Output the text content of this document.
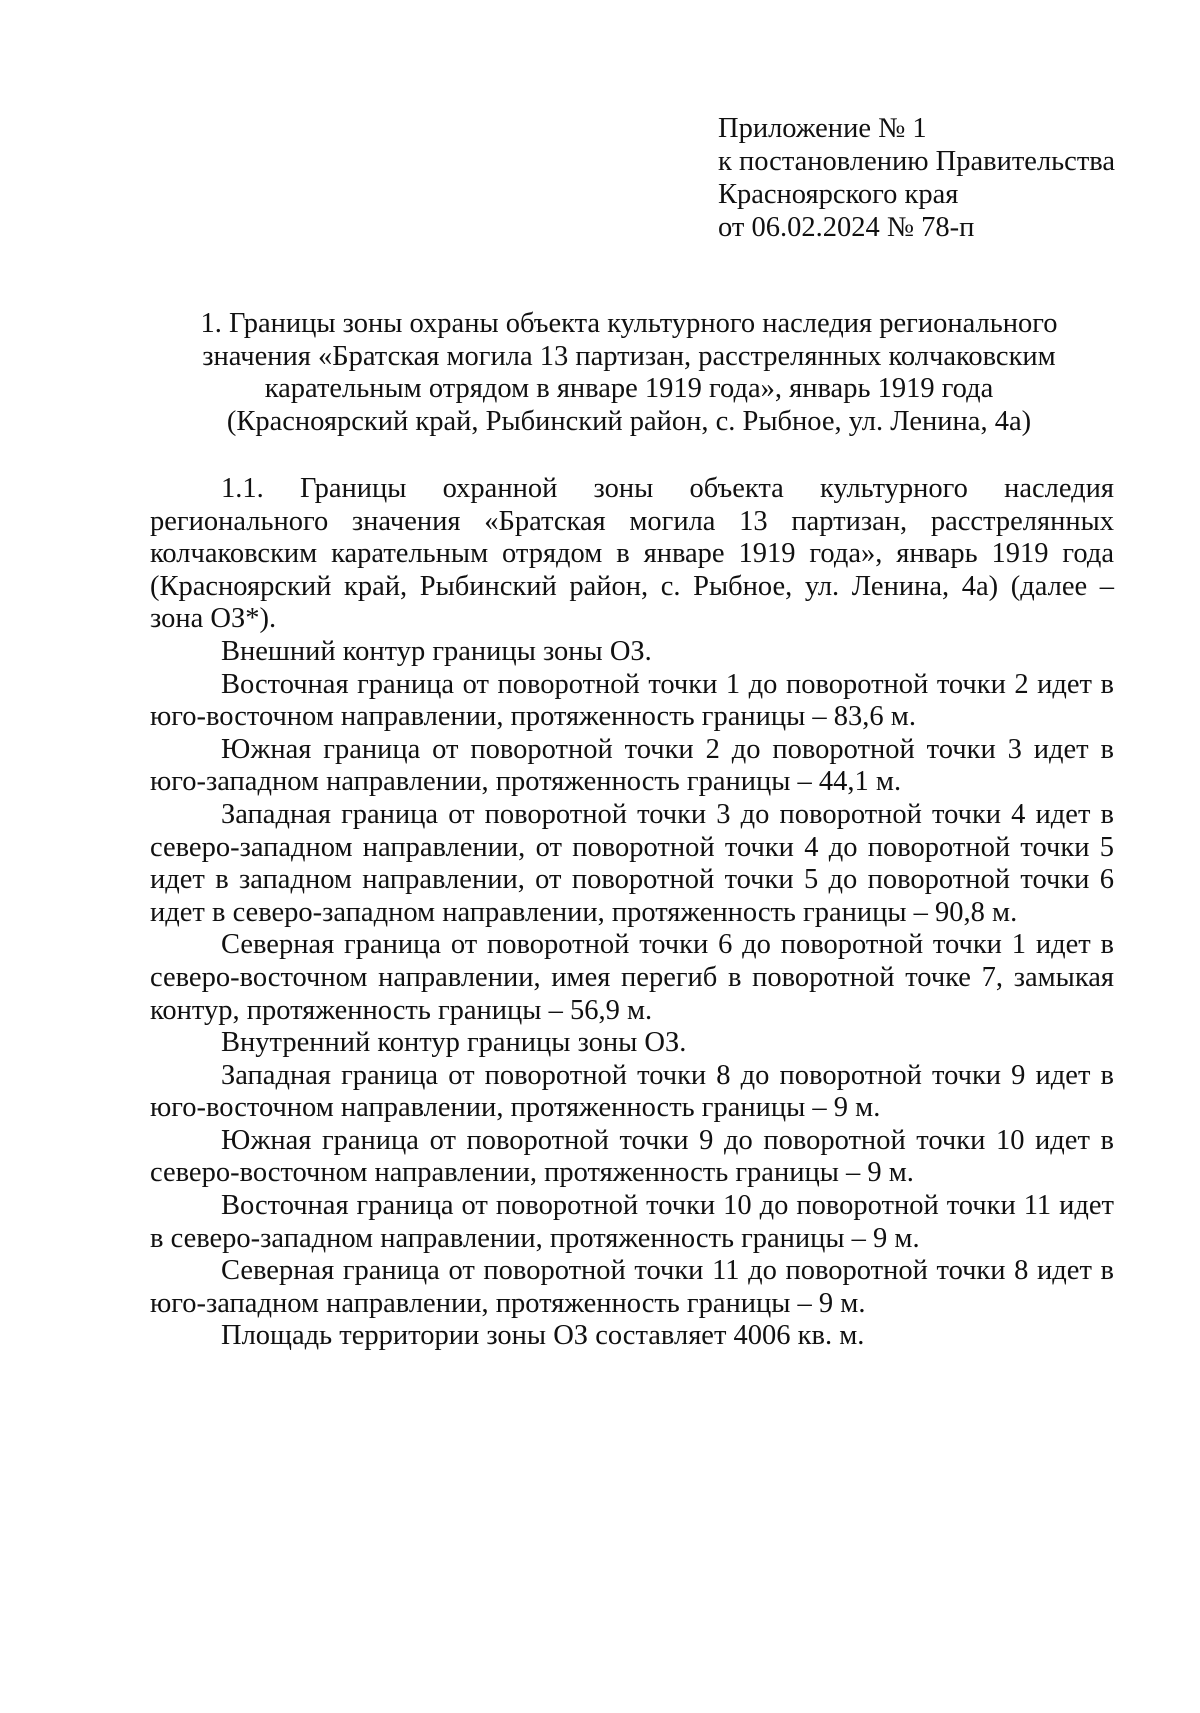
Приложение № 1
к постановлению Правительства
Красноярского края
от 06.02.2024 № 78-п
1. Границы зоны охраны объекта культурного наследия регионального
значения «Братская могила 13 партизан, расстрелянных колчаковским
карательным отрядом в январе 1919 года», январь 1919 года
(Красноярский край, Рыбинский район, с. Рыбное, ул. Ленина, 4а)

1.1. Границы охранной зоны объекта культурного наследия регионального значения «Братская могила 13 партизан, расстрелянных колчаковским карательным отрядом в январе 1919 года», январь 1919 года (Красноярский край, Рыбинский район, с. Рыбное, ул. Ленина, 4а) (далее – зона ОЗ*).

Внешний контур границы зоны ОЗ.

Восточная граница от поворотной точки 1 до поворотной точки 2 идет в юго-восточном направлении, протяженность границы – 83,6 м.

Южная граница от поворотной точки 2 до поворотной точки 3 идет в юго-западном направлении, протяженность границы – 44,1 м.

Западная граница от поворотной точки 3 до поворотной точки 4 идет в северо-западном направлении, от поворотной точки 4 до поворотной точки 5 идет в западном направлении, от поворотной точки 5 до поворотной точки 6 идет в северо-западном направлении, протяженность границы – 90,8 м.

Северная граница от поворотной точки 6 до поворотной точки 1 идет в северо-восточном направлении, имея перегиб в поворотной точке 7, замыкая контур, протяженность границы – 56,9 м.

Внутренний контур границы зоны ОЗ.

Западная граница от поворотной точки 8 до поворотной точки 9 идет в юго-восточном направлении, протяженность границы – 9 м.

Южная граница от поворотной точки 9 до поворотной точки 10 идет в северо-восточном направлении, протяженность границы – 9 м.

Восточная граница от поворотной точки 10 до поворотной точки 11 идет в северо-западном направлении, протяженность границы – 9 м.

Северная граница от поворотной точки 11 до поворотной точки 8 идет в юго-западном направлении, протяженность границы – 9 м.

Площадь территории зоны ОЗ составляет 4006 кв. м.
